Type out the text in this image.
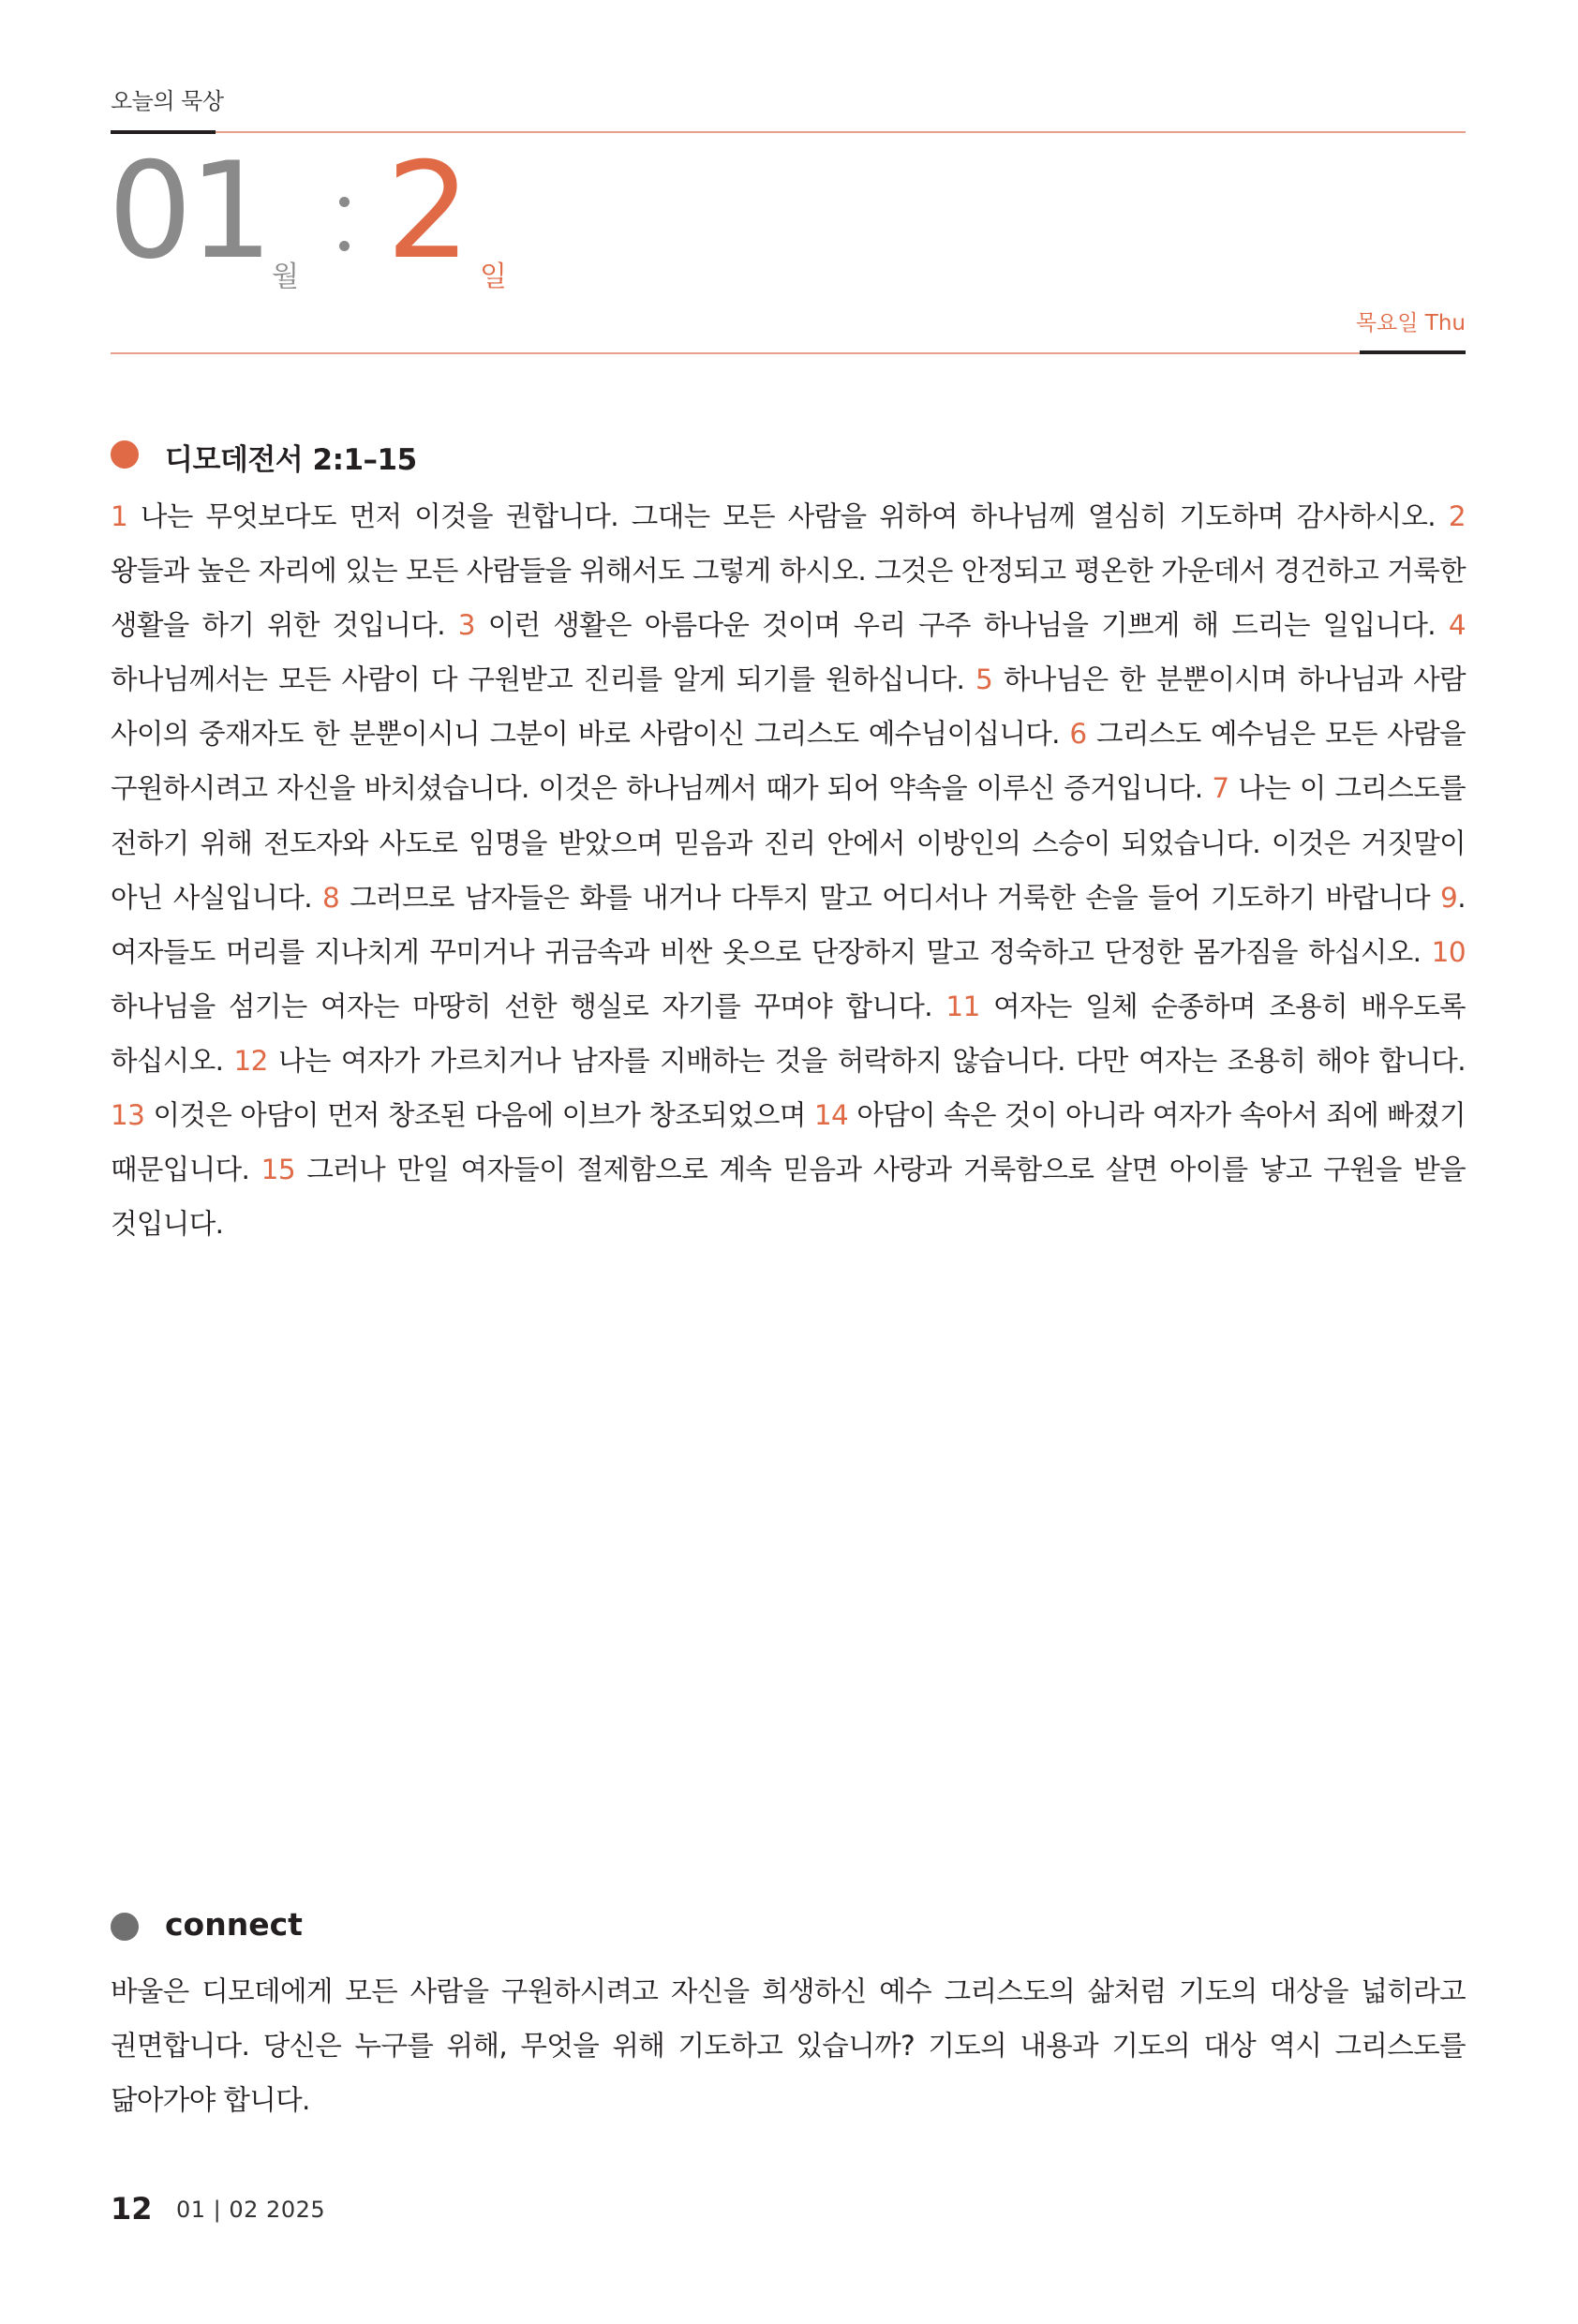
오늘의 묵상
01 월 2 일
목요일 Thu
디모데전서 2:1–15
1 나는 무엇보다도 먼저 이것을 권합니다. 그대는 모든 사람을 위하여 하나님께 열심히 기도하며 감사하시오. 2 왕들과 높은 자리에 있는 모든 사람들을 위해서도 그렇게 하시오. 그것은 안정되고 평온한 가운데서 경건하고 거룩한 생활을 하기 위한 것입니다. 3 이런 생활은 아름다운 것이며 우리 구주 하나님을 기쁘게 해 드리는 일입니다. 4 하나님께서는 모든 사람이 다 구원받고 진리를 알게 되기를 원하십니다. 5 하나님은 한 분뿐이시며 하나님과 사람 사이의 중재자도 한 분뿐이시니 그분이 바로 사람이신 그리스도 예수님이십니다. 6 그리스도 예수님은 모든 사람을 구원하시려고 자신을 바치셨습니다. 이것은 하나님께서 때가 되어 약속을 이루신 증거입니다. 7 나는 이 그리스도를 전하기 위해 전도자와 사도로 임명을 받았으며 믿음과 진리 안에서 이방인의 스승이 되었습니다. 이것은 거짓말이 아닌 사실입니다. 8 그러므로 남자들은 화를 내거나 다투지 말고 어디서나 거룩한 손을 들어 기도하기 바랍니다 9. 여자들도 머리를 지나치게 꾸미거나 귀금속과 비싼 옷으로 단장하지 말고 정숙하고 단정한 몸가짐을 하십시오. 10 하나님을 섬기는 여자는 마땅히 선한 행실로 자기를 꾸며야 합니다. 11 여자는 일체 순종하며 조용히 배우도록 하십시오. 12 나는 여자가 가르치거나 남자를 지배하는 것을 허락하지 않습니다. 다만 여자는 조용히 해야 합니다. 13 이것은 아담이 먼저 창조된 다음에 이브가 창조되었으며 14 아담이 속은 것이 아니라 여자가 속아서 죄에 빠졌기 때문입니다. 15 그러나 만일 여자들이 절제함으로 계속 믿음과 사랑과 거룩함으로 살면 아이를 낳고 구원을 받을 것입니다.
connect
바울은 디모데에게 모든 사람을 구원하시려고 자신을 희생하신 예수 그리스도의 삶처럼 기도의 대상을 넓히라고 권면합니다. 당신은 누구를 위해, 무엇을 위해 기도하고 있습니까? 기도의 내용과 기도의 대상 역시 그리스도를 닮아가야 합니다.
12 01 | 02 2025
